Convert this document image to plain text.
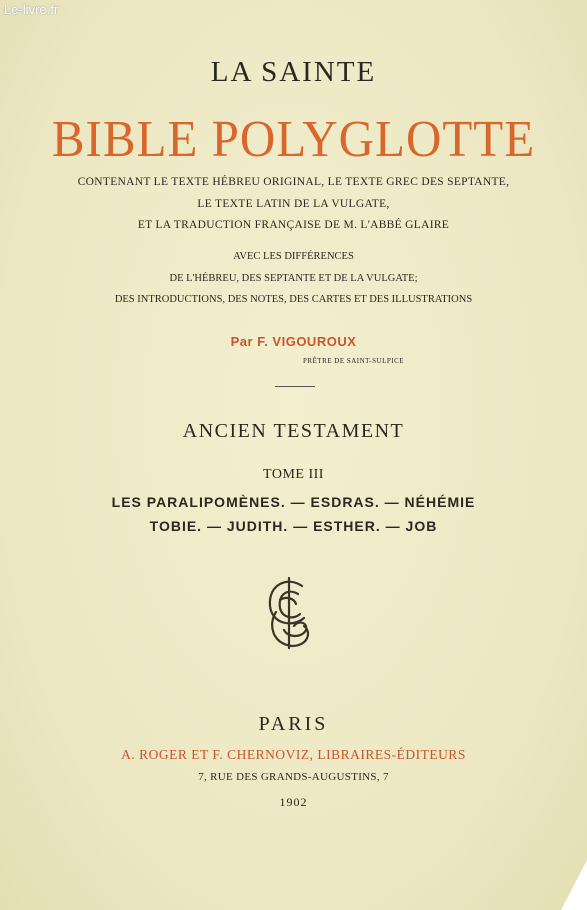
Le-livre.fr
LA SAINTE
BIBLE POLYGLOTTE
CONTENANT LE TEXTE HÉBREU ORIGINAL, LE TEXTE GREC DES SEPTANTE,
LE TEXTE LATIN DE LA VULGATE,
ET LA TRADUCTION FRANÇAISE DE M. L'ABBÉ GLAIRE
AVEC LES DIFFÉRENCES
DE L'HÉBREU, DES SEPTANTE ET DE LA VULGATE;
DES INTRODUCTIONS, DES NOTES, DES CARTES ET DES ILLUSTRATIONS
Par F. VIGOUROUX
PRÊTRE DE SAINT-SULPICE
ANCIEN TESTAMENT
TOME III
LES PARALIPOMÈNES. — ESDRAS. — NÉHÉMIE
TOBIE. — JUDITH. — ESTHER. — JOB
PARIS
A. ROGER ET F. CHERNOVIZ, LIBRAIRES-ÉDITEURS
7, RUE DES GRANDS-AUGUSTINS, 7
1902
